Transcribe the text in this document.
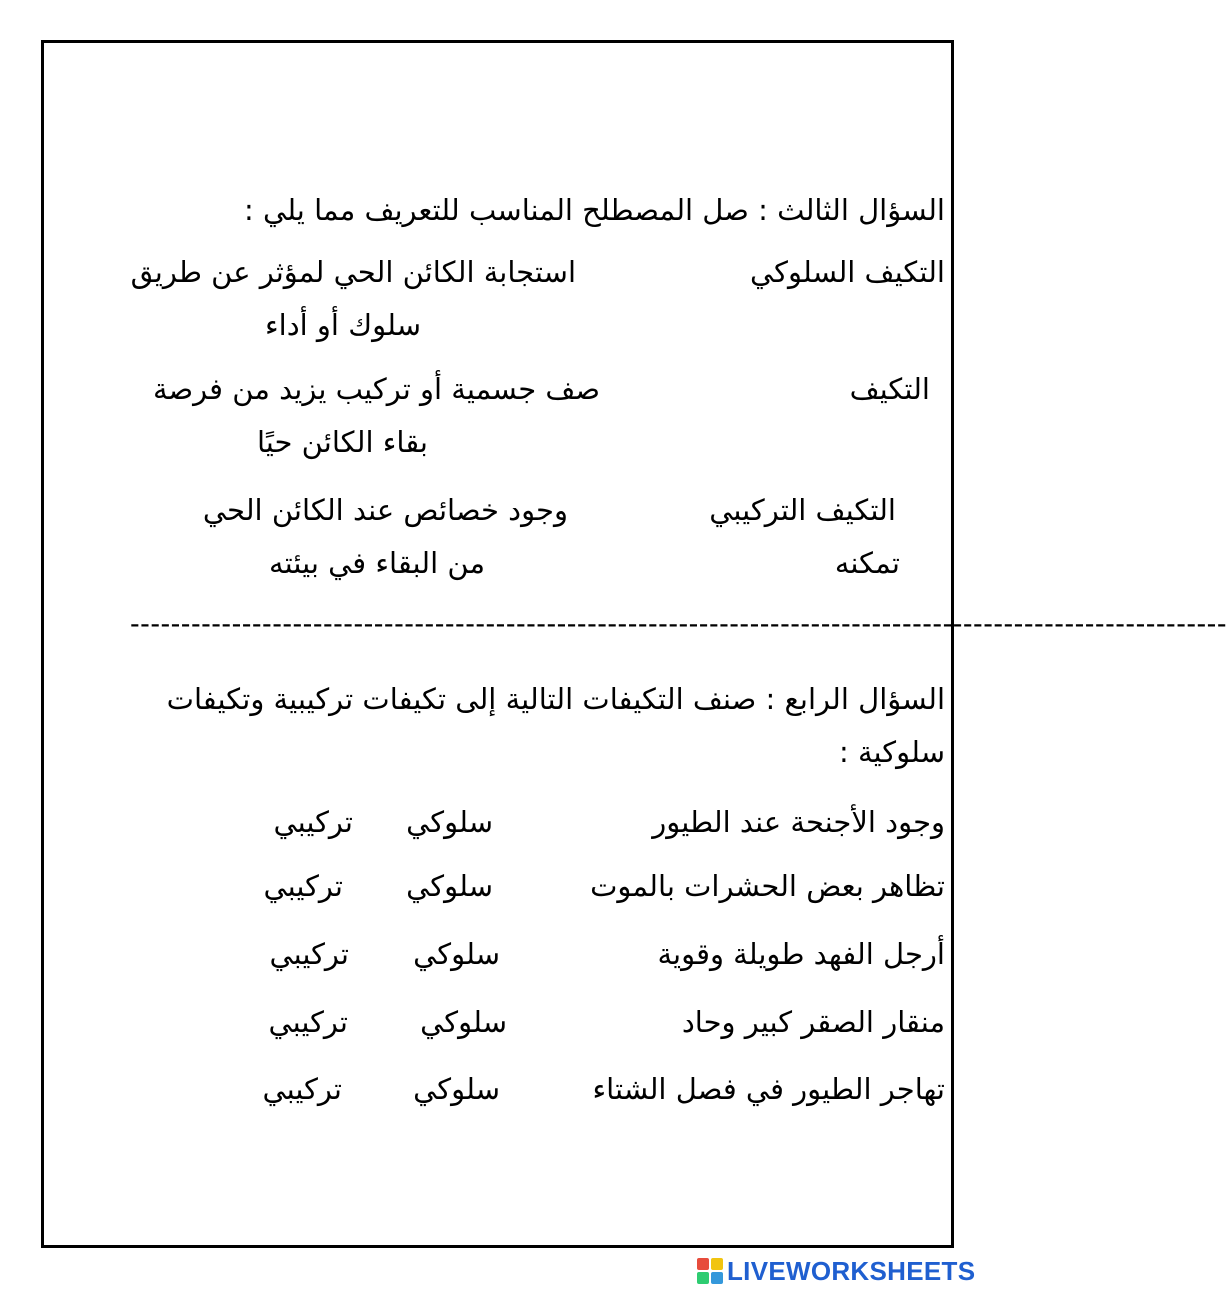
السؤال الثالث : صل المصطلح المناسب للتعريف مما يلي :
التكيف السلوكي
استجابة الكائن الحي لمؤثر عن طريق
سلوك أو أداء
التكيف
صف جسمية أو تركيب يزيد من فرصة
بقاء الكائن حيًا
التكيف التركيبي
وجود خصائص عند الكائن الحي
تمكنه
من البقاء في بيئته
------------------------------------------------------------------------------------------------------------
السؤال الرابع : صنف التكيفات التالية إلى تكيفات تركيبية وتكيفات
سلوكية :
وجود الأجنحة عند الطيور
سلوكي
تركيبي
تظاهر بعض الحشرات بالموت
سلوكي
تركيبي
أرجل الفهد طويلة وقوية
سلوكي
تركيبي
منقار الصقر كبير وحاد
سلوكي
تركيبي
تهاجر الطيور في فصل الشتاء
سلوكي
تركيبي
LIVEWORKSHEETS
